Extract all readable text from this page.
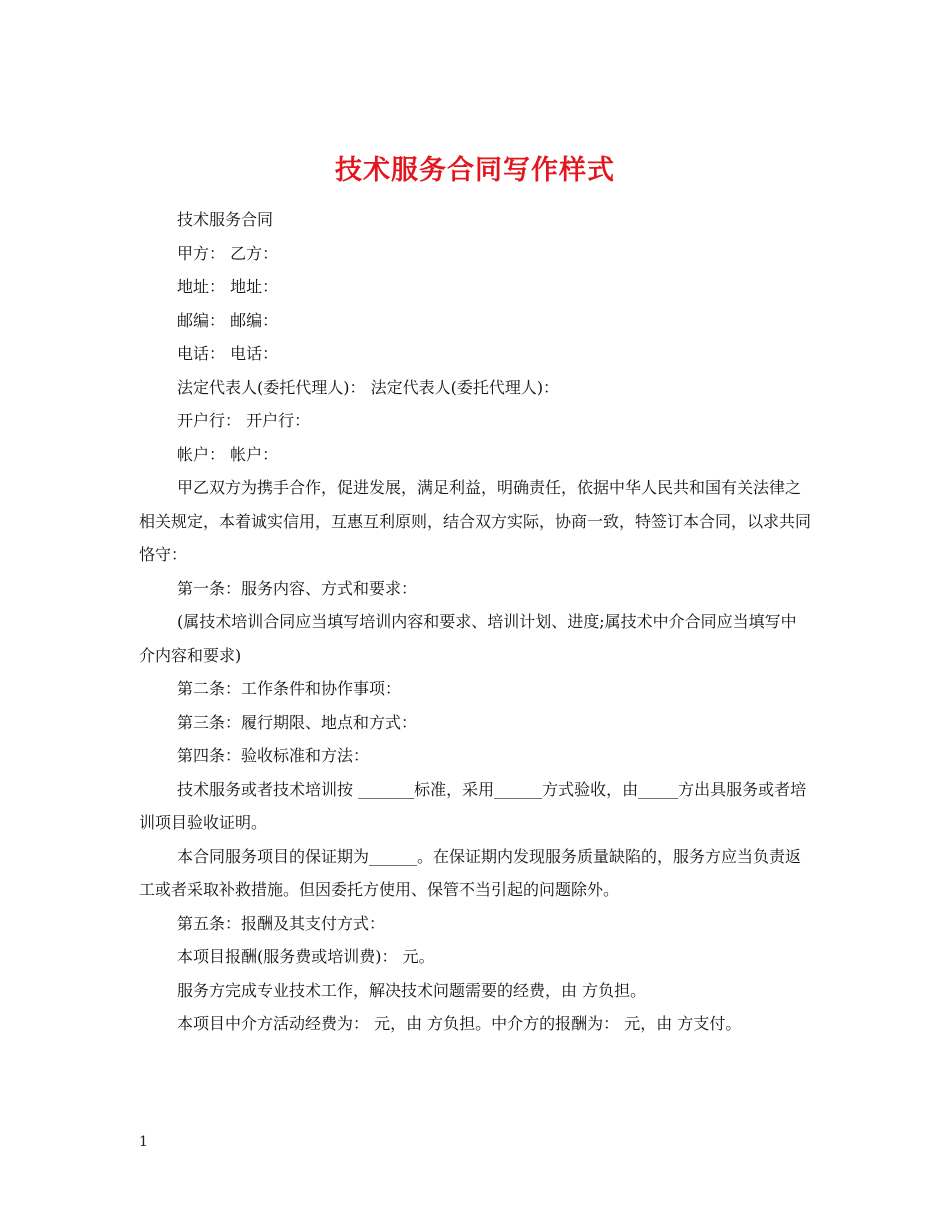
技术服务合同写作样式

技术服务合同

甲方： 乙方：

地址： 地址：

邮编： 邮编：

电话： 电话：

法定代表人(委托代理人)： 法定代表人(委托代理人)：

开户行： 开户行：

帐户： 帐户：

甲乙双方为携手合作，促进发展，满足利益，明确责任，依据中华人民共和国有关法律之相关规定，本着诚实信用，互惠互利原则，结合双方实际，协商一致，特签订本合同，以求共同恪守：

第一条：服务内容、方式和要求：

(属技术培训合同应当填写培训内容和要求、培训计划、进度;属技术中介合同应当填写中介内容和要求)

第二条：工作条件和协作事项：

第三条：履行期限、地点和方式：

第四条：验收标准和方法：

技术服务或者技术培训按 _______标准，采用______方式验收，由_____方出具服务或者培训项目验收证明。

本合同服务项目的保证期为______。在保证期内发现服务质量缺陷的，服务方应当负责返工或者采取补救措施。但因委托方使用、保管不当引起的问题除外。

第五条：报酬及其支付方式：

本项目报酬(服务费或培训费)： 元。

服务方完成专业技术工作，解决技术问题需要的经费，由 方负担。

本项目中介方活动经费为： 元，由 方负担。中介方的报酬为： 元，由 方支付。

1
